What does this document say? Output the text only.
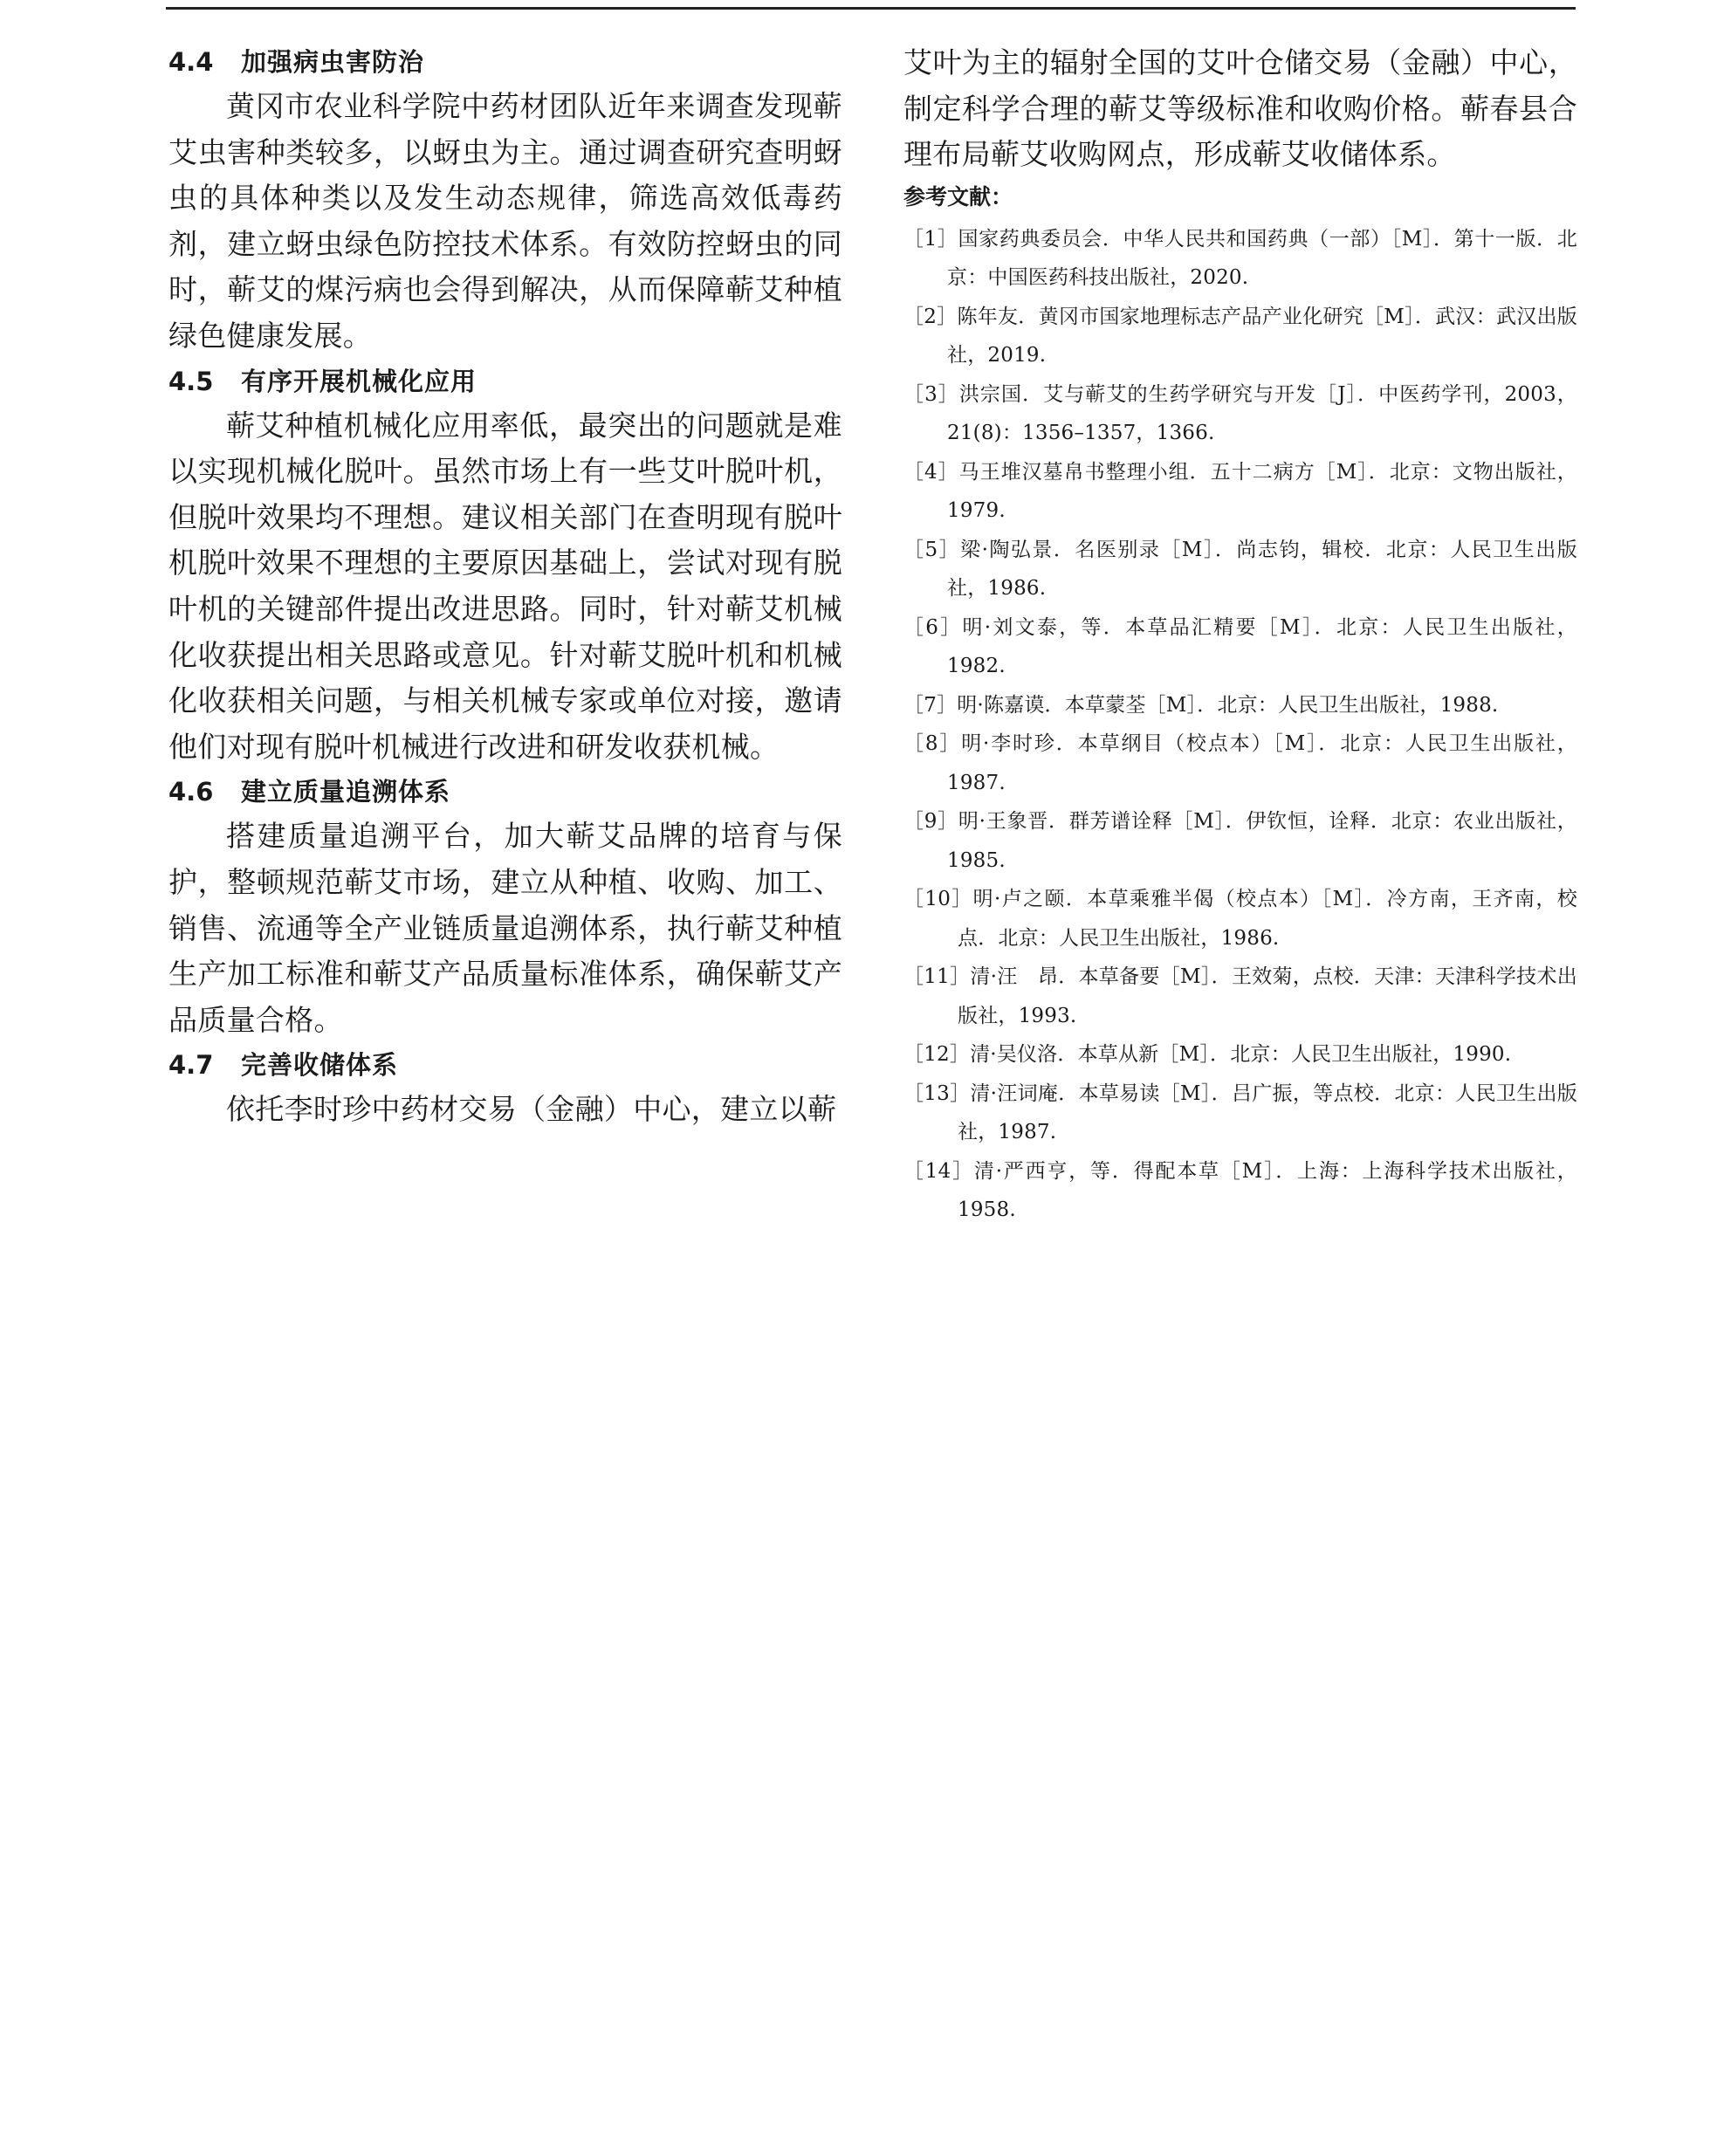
4.4 加强病虫害防治

黄冈市农业科学院中药材团队近年来调查发现蕲艾虫害种类较多，以蚜虫为主。通过调查研究查明蚜虫的具体种类以及发生动态规律，筛选高效低毒药剂，建立蚜虫绿色防控技术体系。有效防控蚜虫的同时，蕲艾的煤污病也会得到解决，从而保障蕲艾种植绿色健康发展。

4.5 有序开展机械化应用

蕲艾种植机械化应用率低，最突出的问题就是难以实现机械化脱叶。虽然市场上有一些艾叶脱叶机，但脱叶效果均不理想。建议相关部门在查明现有脱叶机脱叶效果不理想的主要原因基础上，尝试对现有脱叶机的关键部件提出改进思路。同时，针对蕲艾机械化收获提出相关思路或意见。针对蕲艾脱叶机和机械化收获相关问题，与相关机械专家或单位对接，邀请他们对现有脱叶机械进行改进和研发收获机械。

4.6 建立质量追溯体系

搭建质量追溯平台，加大蕲艾品牌的培育与保护，整顿规范蕲艾市场，建立从种植、收购、加工、销售、流通等全产业链质量追溯体系，执行蕲艾种植生产加工标准和蕲艾产品质量标准体系，确保蕲艾产品质量合格。

4.7 完善收储体系

依托李时珍中药材交易（金融）中心，建立以蕲

艾叶为主的辐射全国的艾叶仓储交易（金融）中心，制定科学合理的蕲艾等级标准和收购价格。蕲春县合理布局蕲艾收购网点，形成蕲艾收储体系。

参考文献：
［1］国家药典委员会．中华人民共和国药典（一部）［M］．第十一版．北京：中国医药科技出版社，2020.
［2］陈年友．黄冈市国家地理标志产品产业化研究［M］．武汉：武汉出版社，2019.
［3］洪宗国．艾与蕲艾的生药学研究与开发［J］．中医药学刊，2003，21(8)：1356–1357，1366.
［4］马王堆汉墓帛书整理小组．五十二病方［M］．北京：文物出版社，1979.
［5］梁·陶弘景．名医别录［M］．尚志钧，辑校．北京：人民卫生出版社，1986.
［6］明·刘文泰，等．本草品汇精要［M］．北京：人民卫生出版社，1982.
［7］明·陈嘉谟．本草蒙荃［M］．北京：人民卫生出版社，1988.
［8］明·李时珍．本草纲目（校点本）［M］．北京：人民卫生出版社，1987.
［9］明·王象晋．群芳谱诠释［M］．伊钦恒，诠释．北京：农业出版社，1985.
［10］明·卢之颐．本草乘雅半偈（校点本）［M］．冷方南，王齐南，校点．北京：人民卫生出版社，1986.
［11］清·汪　昂．本草备要［M］．王效菊，点校．天津：天津科学技术出版社，1993.
［12］清·吴仪洛．本草从新［M］．北京：人民卫生出版社，1990.
［13］清·汪词庵．本草易读［M］．吕广振，等点校．北京：人民卫生出版社，1987.
［14］清·严西亨，等．得配本草［M］．上海：上海科学技术出版社，1958.
